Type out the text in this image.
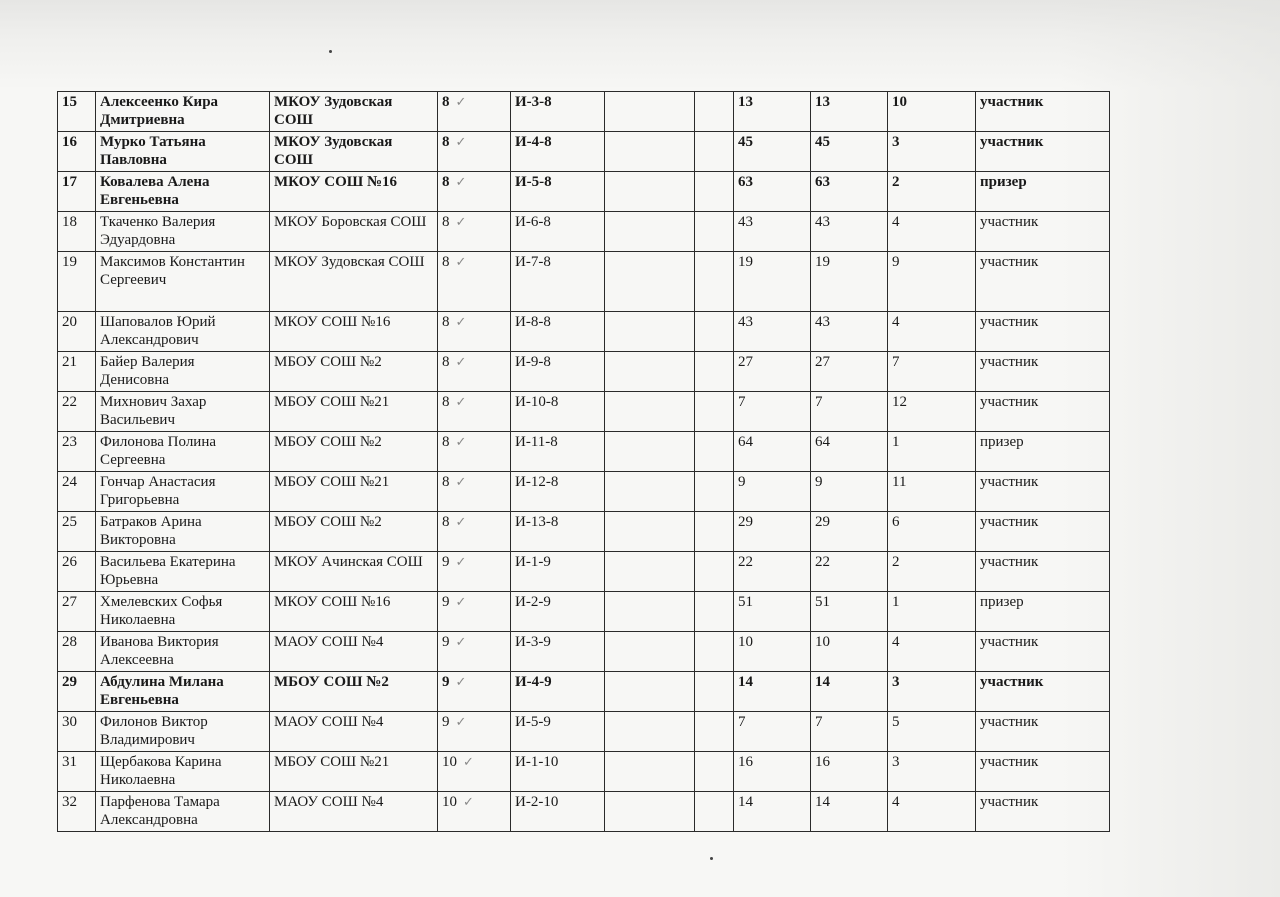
15	Алексеенко Кира Дмитриевна	МКОУ Зудовская СОШ	8 ✓	И-3-8			13	13	10	участник
16	Мурко Татьяна Павловна	МКОУ Зудовская СОШ	8 ✓	И-4-8			45	45	3	участник
17	Ковалева Алена Евгеньевна	МКОУ СОШ №16	8 ✓	И-5-8			63	63	2	призер
18	Ткаченко Валерия Эдуардовна	МКОУ Боровская СОШ	8 ✓	И-6-8			43	43	4	участник
19	Максимов Константин Сергеевич	МКОУ Зудовская СОШ	8 ✓	И-7-8			19	19	9	участник
20	Шаповалов Юрий Александрович	МКОУ СОШ №16	8 ✓	И-8-8			43	43	4	участник
21	Байер Валерия Денисовна	МБОУ СОШ №2	8 ✓	И-9-8			27	27	7	участник
22	Михнович Захар Васильевич	МБОУ СОШ №21	8 ✓	И-10-8			7	7	12	участник
23	Филонова Полина Сергеевна	МБОУ СОШ №2	8 ✓	И-11-8			64	64	1	призер
24	Гончар Анастасия Григорьевна	МБОУ СОШ №21	8 ✓	И-12-8			9	9	11	участник
25	Батраков Арина Викторовна	МБОУ СОШ №2	8 ✓	И-13-8			29	29	6	участник
26	Васильева Екатерина Юрьевна	МКОУ Ачинская СОШ	9 ✓	И-1-9			22	22	2	участник
27	Хмелевских Софья Николаевна	МКОУ СОШ №16	9 ✓	И-2-9			51	51	1	призер
28	Иванова Виктория Алексеевна	МАОУ СОШ №4	9 ✓	И-3-9			10	10	4	участник
29	Абдулина Милана Евгеньевна	МБОУ СОШ №2	9 ✓	И-4-9			14	14	3	участник
30	Филонов Виктор Владимирович	МАОУ СОШ №4	9 ✓	И-5-9			7	7	5	участник
31	Щербакова Карина Николаевна	МБОУ СОШ №21	10 ✓	И-1-10			16	16	3	участник
32	Парфенова Тамара Александровна	МАОУ СОШ №4	10 ✓	И-2-10			14	14	4	участник
